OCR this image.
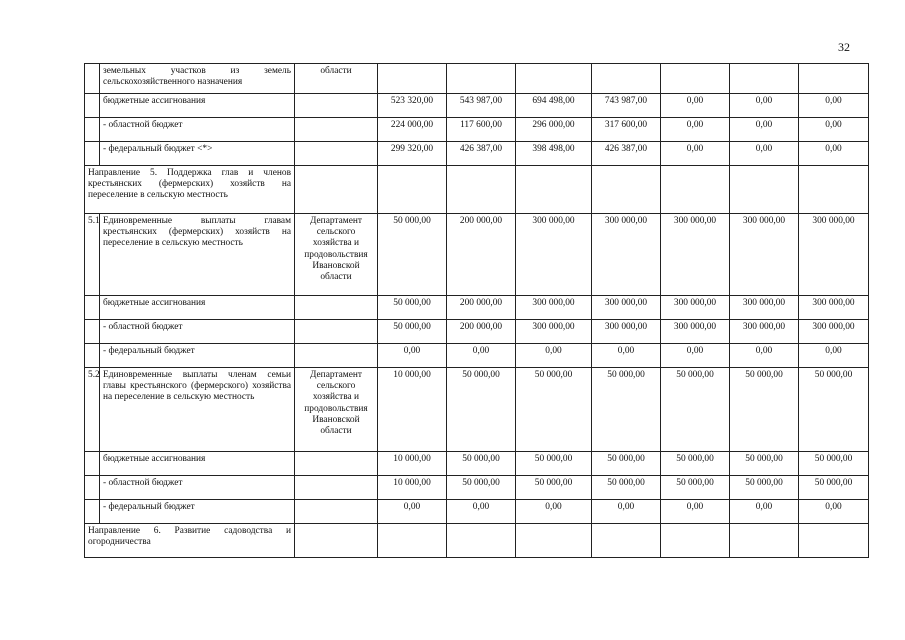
32
	земельных участков из земель сельскохозяйственного назначения	области							
	бюджетные ассигнования		523 320,00	543 987,00	694 498,00	743 987,00	0,00	0,00	0,00
	- областной бюджет		224 000,00	117 600,00	296 000,00	317 600,00	0,00	0,00	0,00
	- федеральный бюджет <*>		299 320,00	426 387,00	398 498,00	426 387,00	0,00	0,00	0,00
Направление 5. Поддержка глав и членов крестьянских (фермерских) хозяйств на переселение в сельскую местность									
5.1	Единовременные выплаты главам крестьянских (фермерских) хозяйств на переселение в сельскую местность	Департамент сельского хозяйства и продовольствия Ивановской области	50 000,00	200 000,00	300 000,00	300 000,00	300 000,00	300 000,00	300 000,00
	бюджетные ассигнования		50 000,00	200 000,00	300 000,00	300 000,00	300 000,00	300 000,00	300 000,00
	- областной бюджет		50 000,00	200 000,00	300 000,00	300 000,00	300 000,00	300 000,00	300 000,00
	- федеральный бюджет		0,00	0,00	0,00	0,00	0,00	0,00	0,00
5.2	Единовременные выплаты членам семьи главы крестьянского (фермерского) хозяйства на переселение в сельскую местность	Департамент сельского хозяйства и продовольствия Ивановской области	10 000,00	50 000,00	50 000,00	50 000,00	50 000,00	50 000,00	50 000,00
	бюджетные ассигнования		10 000,00	50 000,00	50 000,00	50 000,00	50 000,00	50 000,00	50 000,00
	- областной бюджет		10 000,00	50 000,00	50 000,00	50 000,00	50 000,00	50 000,00	50 000,00
	- федеральный бюджет		0,00	0,00	0,00	0,00	0,00	0,00	0,00
Направление 6. Развитие садоводства и огородничества									
